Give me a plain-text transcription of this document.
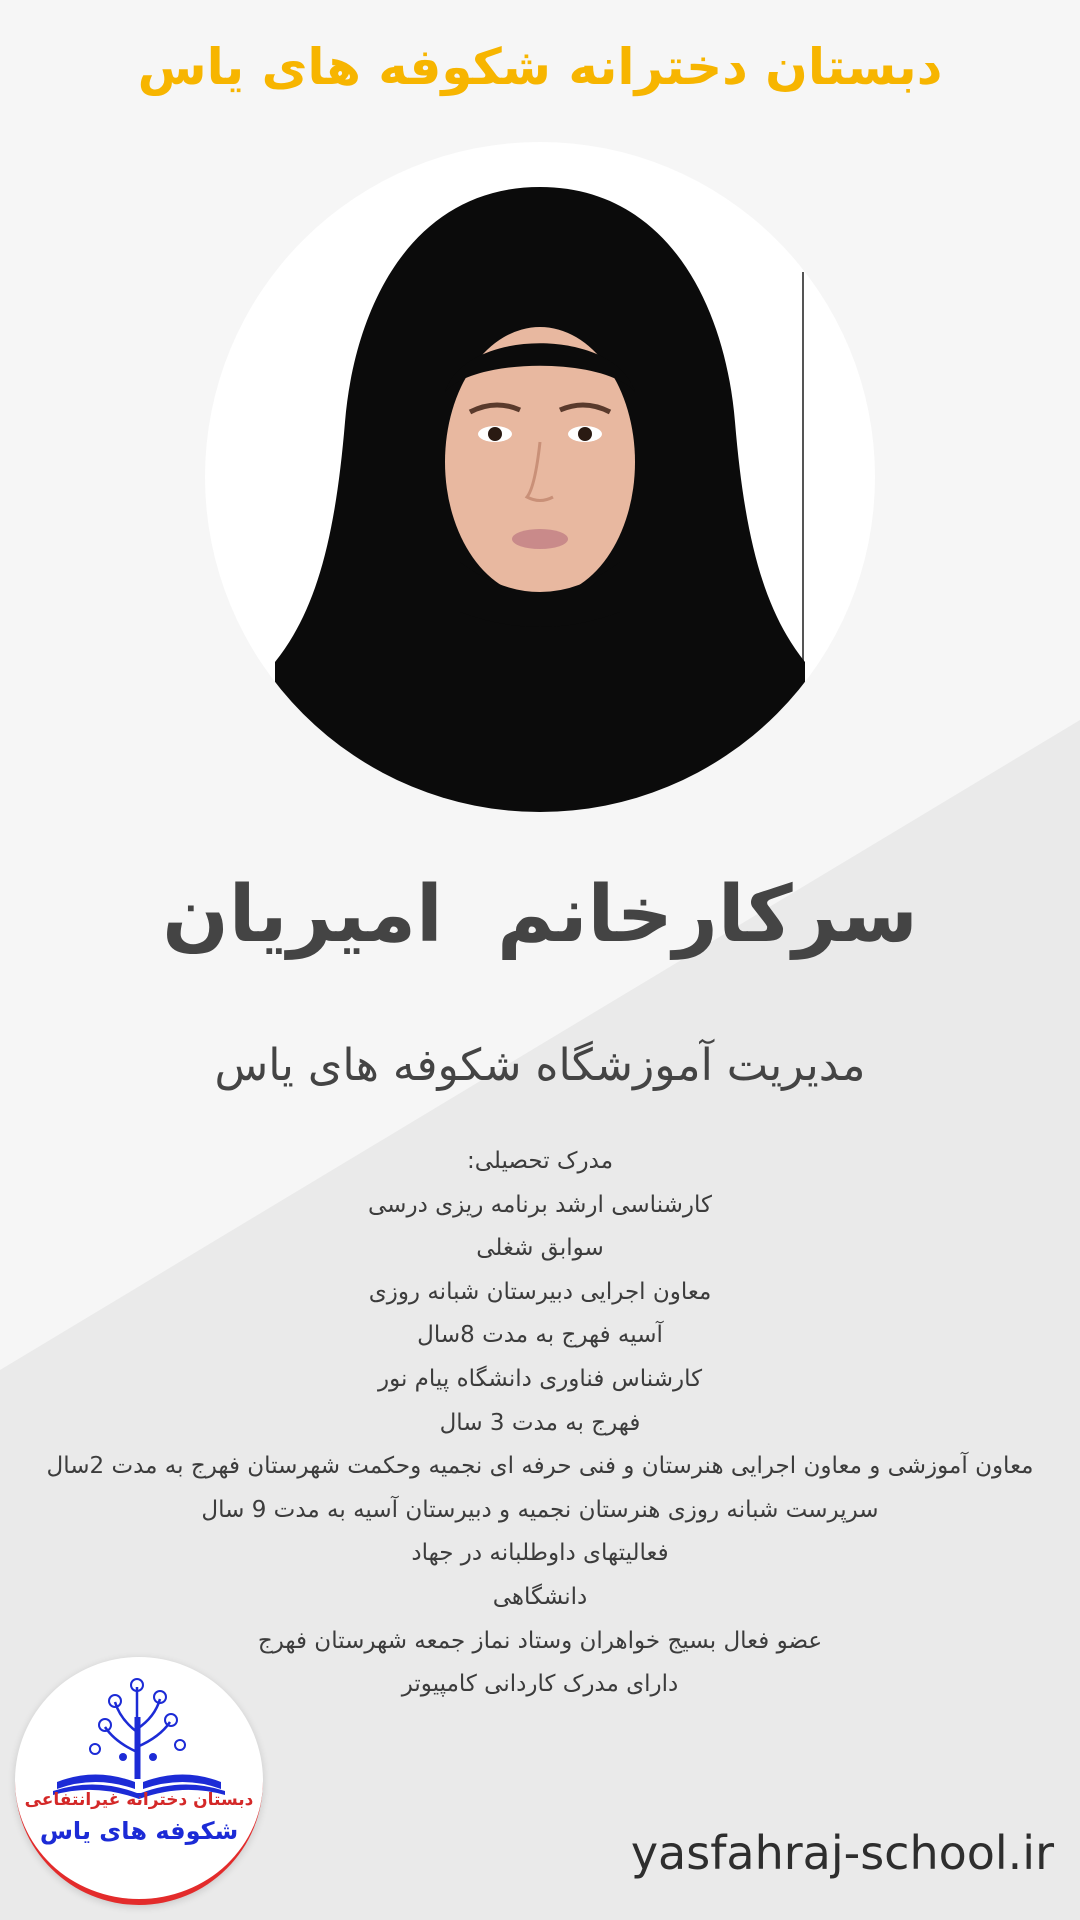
دبستان دخترانه شکوفه های یاس
سرکارخانم  امیریان
مدیریت آموزشگاه شکوفه های یاس
مدرک تحصیلی:
کارشناسی ارشد برنامه ریزی درسی
سوابق شغلی
معاون اجرایی دبیرستان شبانه روزی
آسیه فهرج به مدت 8سال
کارشناس فناوری دانشگاه پیام نور
فهرج به مدت 3 سال
معاون آموزشی و معاون اجرایی هنرستان و فنی حرفه ای نجمیه وحکمت شهرستان فهرج به مدت 2سال
سرپرست شبانه روزی هنرستان نجمیه و دبیرستان آسیه به مدت 9 سال
فعالیتهای داوطلبانه در جهاد
دانشگاهی
عضو فعال بسیج خواهران وستاد نماز جمعه شهرستان فهرج
دارای مدرک کاردانی کامپیوتر
دبستان دخترانه غیرانتفاعی
شکوفه های یاس	yasfahraj-school.ir
